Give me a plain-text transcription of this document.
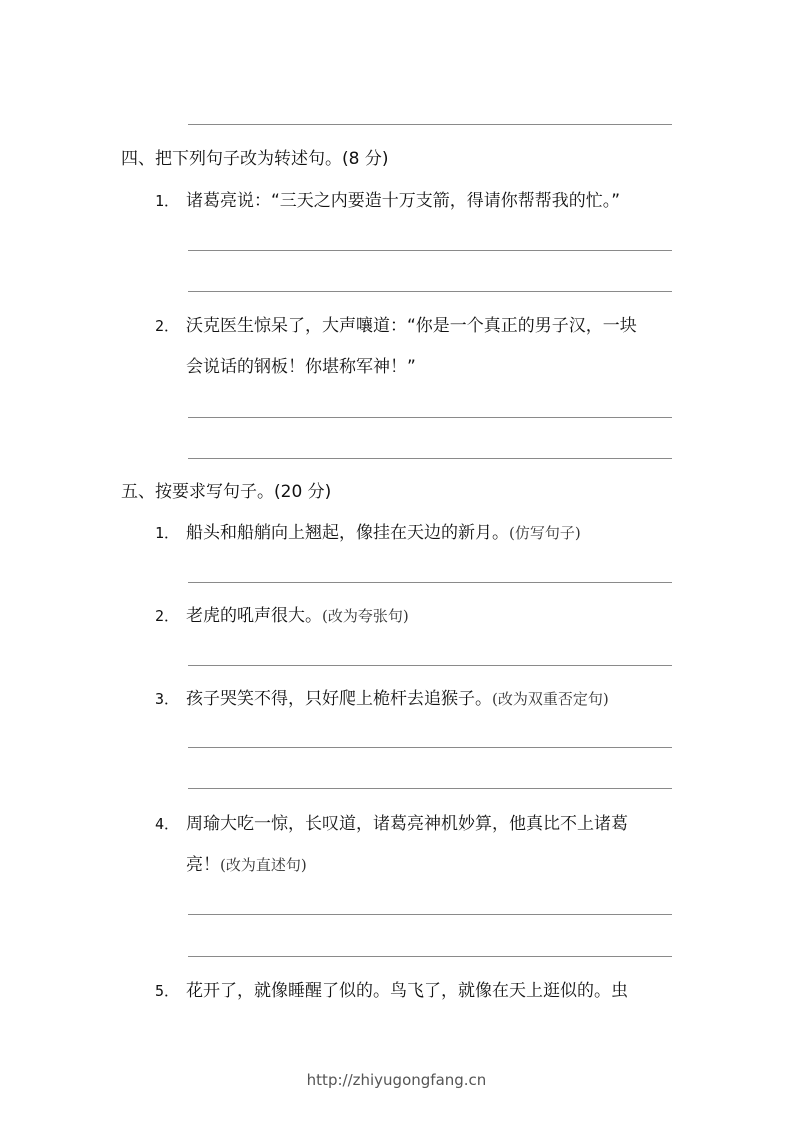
四、把下列句子改为转述句。(8 分)
1． 诸葛亮说：“三天之内要造十万支箭，得请你帮帮我的忙。”
2． 沃克医生惊呆了，大声嚷道：“你是一个真正的男子汉，一块
会说话的钢板！你堪称军神！”
五、按要求写句子。(20 分)
1． 船头和船艄向上翘起，像挂在天边的新月。(仿写句子)
2． 老虎的吼声很大。(改为夸张句)
3． 孩子哭笑不得，只好爬上桅杆去追猴子。(改为双重否定句)
4． 周瑜大吃一惊，长叹道，诸葛亮神机妙算，他真比不上诸葛
亮！(改为直述句)
5． 花开了，就像睡醒了似的。鸟飞了，就像在天上逛似的。虫
http://zhiyugongfang.cn
